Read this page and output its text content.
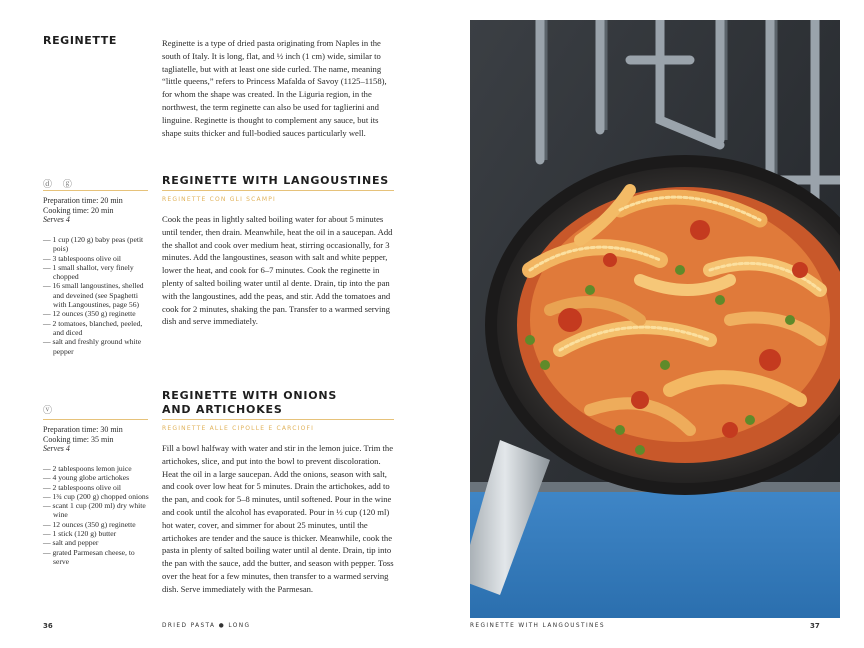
REGINETTE	Reginette is a type of dried pasta originating from Naples in the south of Italy. It is long, flat, and ½ inch (1 cm) wide, similar to tagliatelle, but with at least one side curled. The name, meaning “little queens,” refers to Princess Mafalda of Savoy (1125–1158), for whom the shape was created. In the Liguria region, in the northwest, the term reginette can also be used for taglierini and linguine. Reginette is thought to complement any sauce, but its shape suits thicker and full-bodied sauces particularly well.
ⓓ ⓖ	REGINETTE WITH LANGOUSTINES
REGINETTE CON GLI SCAMPI
Preparation time: 20 min
Cooking time: 20 min
Serves 4
— 1 cup (120 g) baby peas (petit pois)
— 3 tablespoons olive oil
— 1 small shallot, very finely chopped
— 16 small langoustines, shelled and deveined (see Spaghetti with Langoustines, page 56)
— 12 ounces (350 g) reginette
— 2 tomatoes, blanched, peeled, and diced
— salt and freshly ground white pepper
Cook the peas in lightly salted boiling water for about 5 minutes until tender, then drain. Meanwhile, heat the oil in a saucepan. Add the shallot and cook over medium heat, stirring occasionally, for 3 minutes. Add the langoustines, season with salt and white pepper, lower the heat, and cook for 6–7 minutes. Cook the reginette in plenty of salted boiling water until al dente. Drain, tip into the pan with the langoustines, add the peas, and stir. Add the tomatoes and cook for 2 minutes, shaking the pan. Transfer to a warmed serving dish and serve immediately.
ⓥ
REGINETTE WITH ONIONS
AND ARTICHOKES
REGINETTE ALLE CIPOLLE E CARCIOFI
Preparation time: 30 min
Cooking time: 35 min
Serves 4
— 2 tablespoons lemon juice
— 4 young globe artichokes
— 2 tablespoons olive oil
— 1¾ cup (200 g) chopped onions
— scant 1 cup (200 ml) dry white wine
— 12 ounces (350 g) reginette
— 1 stick (120 g) butter
— salt and pepper
— grated Parmesan cheese, to serve
Fill a bowl halfway with water and stir in the lemon juice. Trim the artichokes, slice, and put into the bowl to prevent discoloration. Heat the oil in a large saucepan. Add the onions, season with salt, and cook over low heat for 5 minutes. Drain the artichokes, add to the pan, and cook for 5–8 minutes, until softened. Pour in the wine and cook until the alcohol has evaporated. Pour in ½ cup (120 ml) hot water, cover, and simmer for about 25 minutes, until the artichokes are tender and the sauce is thicker. Meanwhile, cook the pasta in plenty of salted boiling water until al dente. Drain, tip into the pan with the sauce, add the butter, and season with pepper. Toss over the heat for a few minutes, then transfer to a warmed serving dish. Serve immediately with the Parmesan.
36	DRIED PASTA ● LONG	REGINETTE WITH LANGOUSTINES	37
